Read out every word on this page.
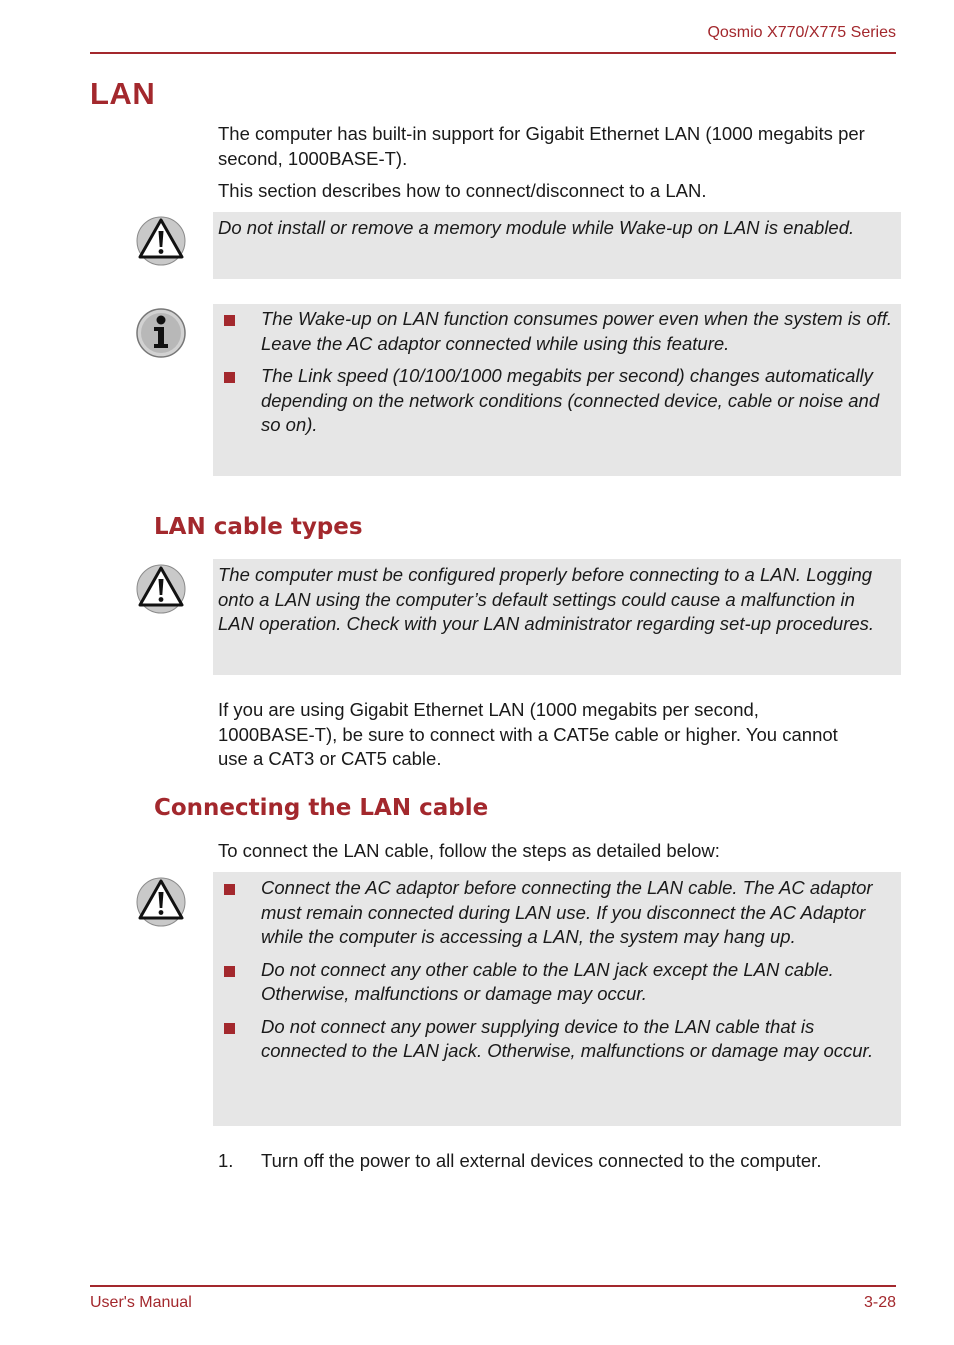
Qosmio X770/X775 Series
LAN

The computer has built-in support for Gigabit Ethernet LAN (1000 megabits per second, 1000BASE-T).

This section describes how to connect/disconnect to a LAN.

Do not install or remove a memory module while Wake-up on LAN is enabled.

The Wake-up on LAN function consumes power even when the system is off. Leave the AC adaptor connected while using this feature.
The Link speed (10/100/1000 megabits per second) changes automatically depending on the network conditions (connected device, cable or noise and so on).
LAN cable types

The computer must be configured properly before connecting to a LAN. Logging onto a LAN using the computer’s default settings could cause a malfunction in LAN operation. Check with your LAN administrator regarding set-up procedures.

If you are using Gigabit Ethernet LAN (1000 megabits per second, 1000BASE-T), be sure to connect with a CAT5e cable or higher. You cannot use a CAT3 or CAT5 cable.

Connecting the LAN cable

To connect the LAN cable, follow the steps as detailed below:

Connect the AC adaptor before connecting the LAN cable. The AC adaptor must remain connected during LAN use. If you disconnect the AC Adaptor while the computer is accessing a LAN, the system may hang up.
Do not connect any other cable to the LAN jack except the LAN cable. Otherwise, malfunctions or damage may occur.
Do not connect any power supplying device to the LAN cable that is connected to the LAN jack. Otherwise, malfunctions or damage may occur.
1. Turn off the power to all external devices connected to the computer.
User's Manual	3-28
